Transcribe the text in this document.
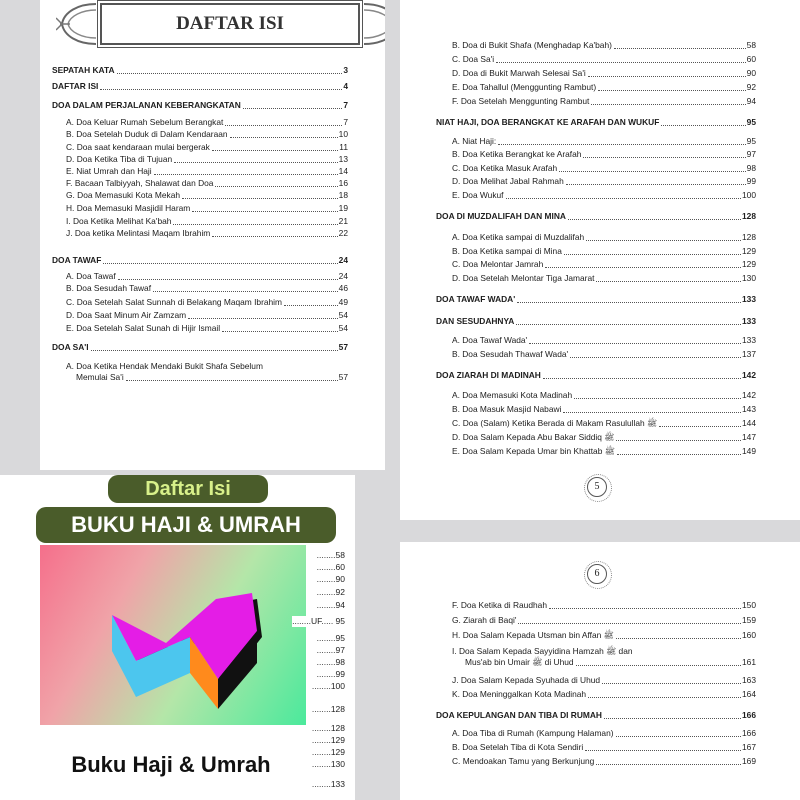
DAFTAR ISI
SEPATAH KATA	3
DAFTAR ISI	4
DOA DALAM PERJALANAN KEBERANGKATAN	7
A. Doa Keluar Rumah Sebelum Berangkat	7
B. Doa Setelah Duduk di Dalam Kendaraan	10
C. Doa saat kendaraan mulai bergerak	11
D. Doa Ketika Tiba di Tujuan	13
E. Niat Umrah dan Haji	14
F. Bacaan Talbiyyah, Shalawat dan Doa	16
G. Doa Memasuki Kota Mekah	18
H. Doa Memasuki Masjidil Haram	19
I. Doa Ketika Melihat Ka'bah	21
J. Doa ketika Melintasi Maqam Ibrahim	22
DOA TAWAF	24
A. Doa Tawaf	24
B. Doa Sesudah Tawaf	46
C. Doa Setelah Salat Sunnah di Belakang Maqam Ibrahim	49
D. Doa Saat Minum Air Zamzam	54
E. Doa Setelah Salat Sunah di Hijir Ismail	54
DOA SA'I	57
A. Doa Ketika Hendak Mendaki Bukit Shafa Sebelum
Memulai Sa'i	57
B. Doa di Bukit Shafa (Menghadap Ka'bah)	58
C. Doa Sa'i	60
D. Doa di Bukit Marwah Selesai Sa'i	90
E. Doa Tahallul (Menggunting Rambut)	92
F. Doa Setelah Menggunting Rambut	94
NIAT HAJI, DOA BERANGKAT KE ARAFAH DAN WUKUF	95
A. Niat Haji:	95
B. Doa Ketika Berangkat ke Arafah	97
C. Doa Ketika Masuk Arafah	98
D. Doa Melihat Jabal Rahmah	99
E. Doa Wukuf	100
DOA DI MUZDALIFAH DAN MINA	128
A. Doa Ketika sampai di Muzdalifah	128
B. Doa Ketika sampai di Mina	129
C. Doa Melontar Jamrah	129
D. Doa Setelah Melontar Tiga Jamarat	130
DOA TAWAF WADA'	133
DAN SESUDAHNYA	133
A. Doa Tawaf Wada'	133
B. Doa Sesudah Thawaf Wada'	137
DOA ZIARAH DI MADINAH	142
A. Doa Memasuki Kota Madinah	142
B. Doa Masuk Masjid Nabawi	143
C. Doa (Salam) Ketika Berada di Makam Rasulullah ﷺ	144
D. Doa Salam Kepada Abu Bakar Siddiq ﷺ	147
E. Doa Salam Kepada Umar bin Khattab ﷺ	149
5
6
F. Doa Ketika di Raudhah	150
G. Ziarah di Baqi'	159
H. Doa Salam Kepada Utsman bin Affan ﷺ	160
I. Doa Salam Kepada Sayyidina Hamzah ﷺ dan
Mus'ab bin Umair ﷺ di Uhud	161
J. Doa Salam Kepada Syuhada di Uhud	163
K. Doa Meninggalkan Kota Madinah	164
DOA KEPULANGAN DAN TIBA DI RUMAH	166
A. Doa Tiba di Rumah (Kampung Halaman)	166
B. Doa Setelah Tiba di Kota Sendiri	167
C. Mendoakan Tamu yang Berkunjung	169
........58
........60
........90
........92
........94
........UF..... 95
........95
........97
........98
........99
........100
........128
........128
........129
........129
........130
........133
Daftar Isi
BUKU HAJI & UMRAH
Buku Haji & Umrah
